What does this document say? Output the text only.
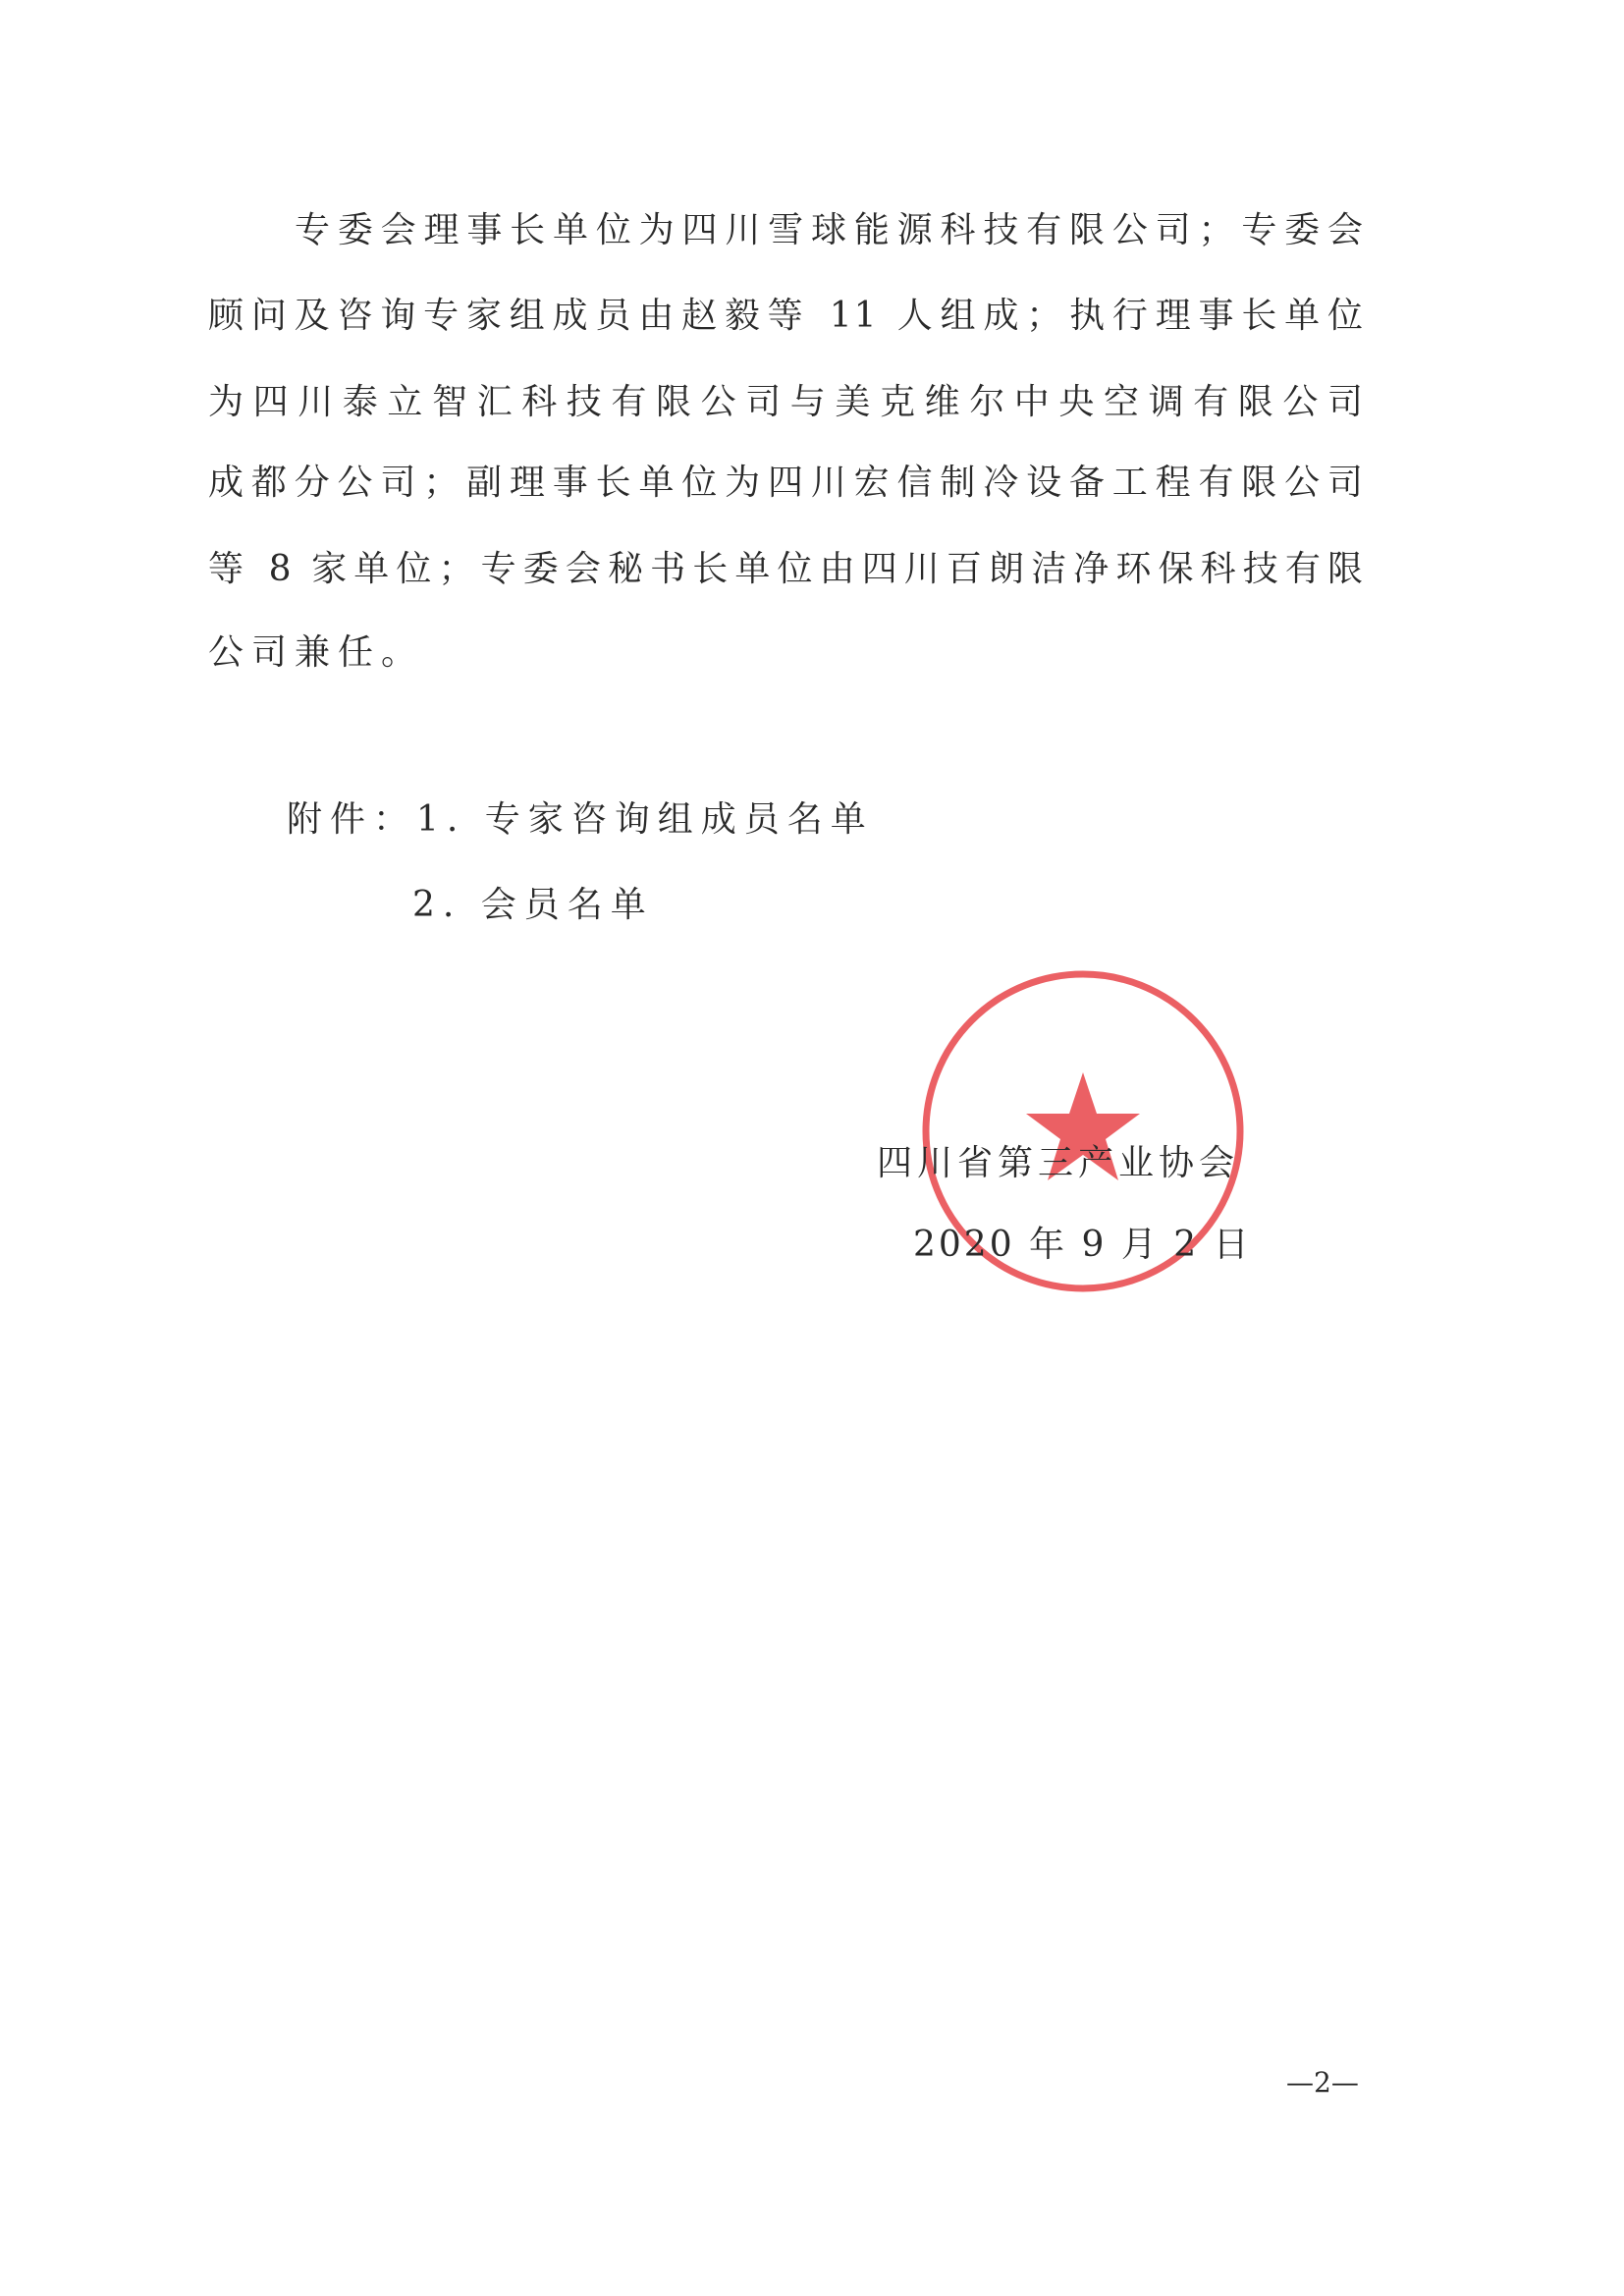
专委会理事长单位为四川雪球能源科技有限公司；专委会
顾问及咨询专家组成员由赵毅等 11 人组成；执行理事长单位
为四川泰立智汇科技有限公司与美克维尔中央空调有限公司
成都分公司；副理事长单位为四川宏信制冷设备工程有限公司
等 8 家单位；专委会秘书长单位由四川百朗洁净环保科技有限
公司兼任。
附件： 1. 专家咨询组成员名单
2. 会员名单
四川省第三产业协会
2020 年 9 月 2 日
—2—
